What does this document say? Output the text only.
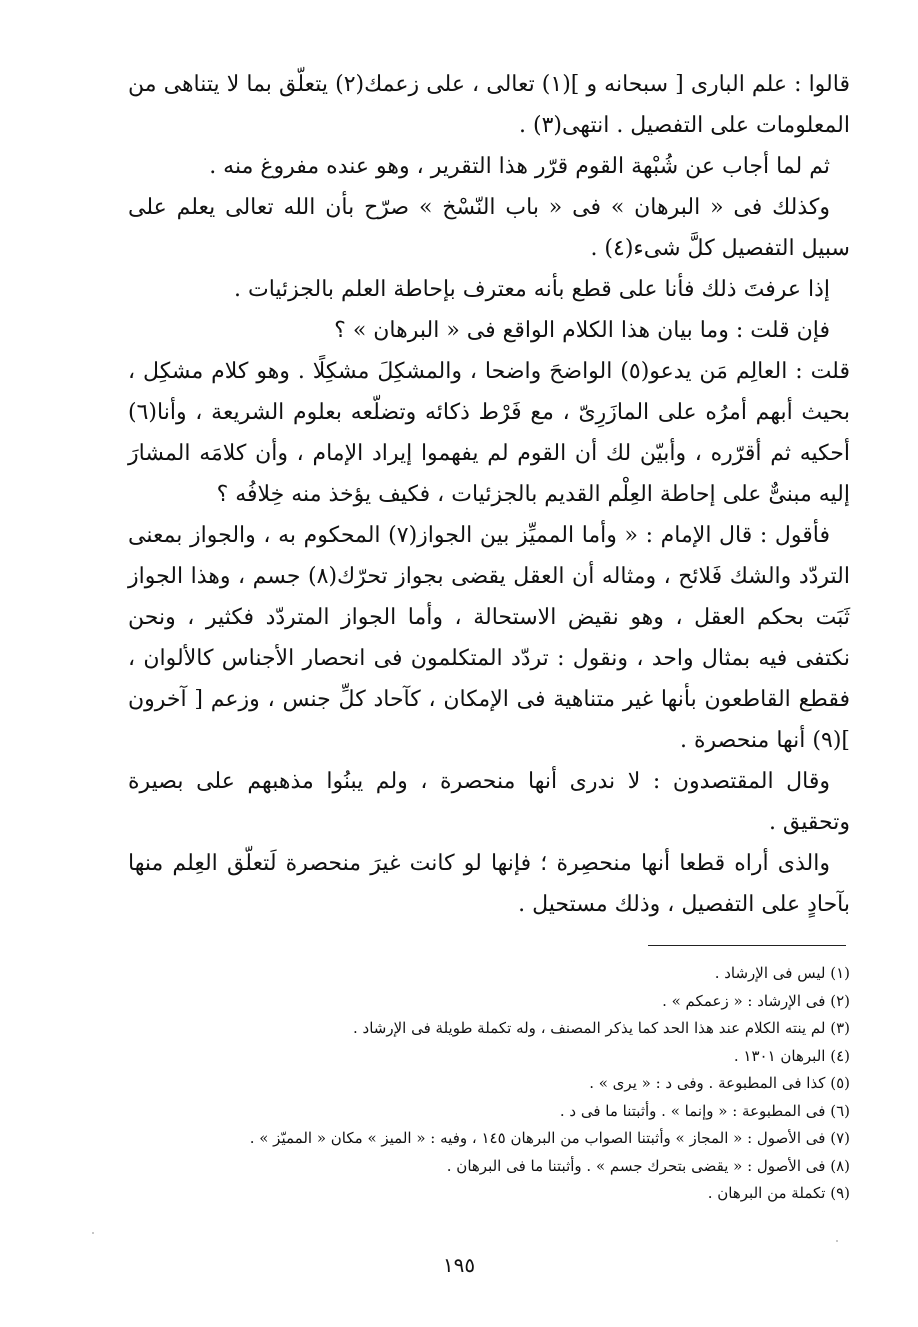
قالوا : علم البارى [ سبحانه و ](١) تعالى ، على زعمك(٢) يتعلّق بما لا يتناهى من المعلومات على التفصيل . انتهى(٣) .

ثم لما أجاب عن شُبْهة القوم قرّر هذا التقرير ، وهو عنده مفروغ منه .

وكذلك فى « البرهان » فى « باب النّسْخ » صرّح بأن الله تعالى يعلم على سبيل التفصيل كلَّ شىء(٤) .

إذا عرفتَ ذلك فأنا على قطع بأنه معترف بإحاطة العلم بالجزئيات .

فإن قلت : وما بيان هذا الكلام الواقع فى « البرهان » ؟

قلت : العالِم مَن يدعو(٥) الواضحَ واضحا ، والمشكِلَ مشكِلًا . وهو كلام مشكِل ، بحيث أبهم أمرُه على المازَرِىّ ، مع فَرْط ذكائه وتضلّعه بعلوم الشريعة ، وأنا(٦) أحكيه ثم أقرّره ، وأبيّن لك أن القوم لم يفهموا إيراد الإمام ، وأن كلامَه المشارَ إليه مبنىٌّ على إحاطة العِلْم القديم بالجزئيات ، فكيف يؤخذ منه خِلافُه ؟

فأقول : قال الإمام : « وأما المميِّز بين الجواز(٧) المحكوم به ، والجواز بمعنى التردّد والشك فَلائح ، ومثاله أن العقل يقضى بجواز تحرّك(٨) جسم ، وهذا الجواز ثَبَت بحكم العقل ، وهو نقيض الاستحالة ، وأما الجواز المتردّد فكثير ، ونحن نكتفى فيه بمثال واحد ، ونقول : تردّد المتكلمون فى انحصار الأجناس كالألوان ، فقطع القاطعون بأنها غير متناهية فى الإمكان ، كآحاد كلِّ جنس ، وزعم [ آخرون ](٩) أنها منحصرة .

وقال المقتصدون : لا ندرى أنها منحصرة ، ولم يبنُوا مذهبهم على بصيرة وتحقيق .

والذى أراه قطعا أنها منحصِرة ؛ فإنها لو كانت غيرَ منحصرة لَتعلّق العِلم منها بآحادٍ على التفصيل ، وذلك مستحيل .

(١) ليس فى الإرشاد .
(٢) فى الإرشاد : « زعمكم » .
(٣) لم ينته الكلام عند هذا الحد كما يذكر المصنف ، وله تكملة طويلة فى الإرشاد .
(٤) البرهان ١٣٠١ .
(٥) كذا فى المطبوعة . وفى د : « يرى » .
(٦) فى المطبوعة : « وإنما » . وأثبتنا ما فى د .
(٧) فى الأصول : « المجاز » وأثبتنا الصواب من البرهان ١٤٥ ، وفيه : « الميز » مكان « المميّز » .
(٨) فى الأصول : « يقضى بتحرك جسم » . وأثبتنا ما فى البرهان .
(٩) تكملة من البرهان .
١٩٥
